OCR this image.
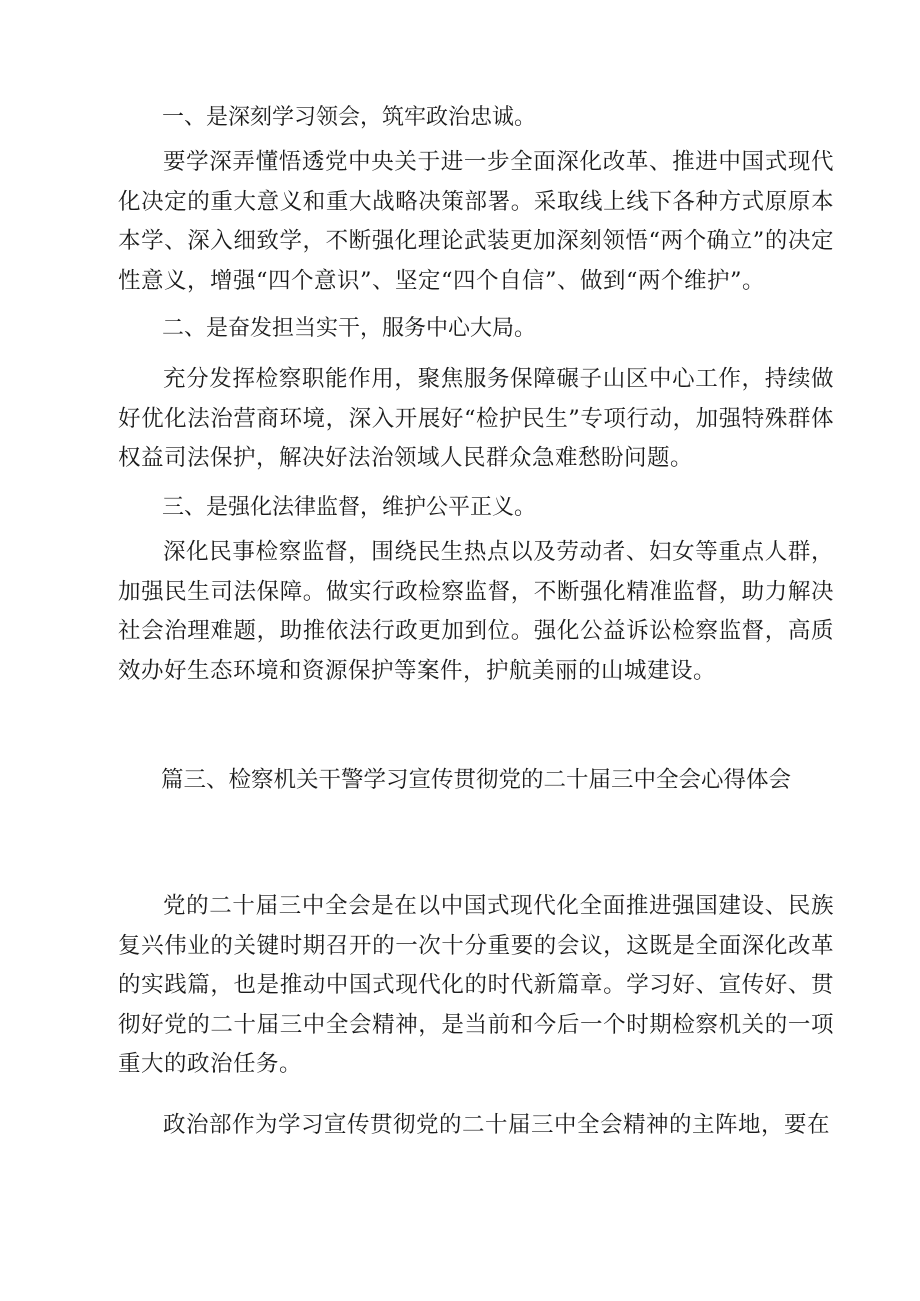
一、是深刻学习领会，筑牢政治忠诚。

要学深弄懂悟透党中央关于进一步全面深化改革、推进中国式现代化决定的重大意义和重大战略决策部署。采取线上线下各种方式原原本本学、深入细致学，不断强化理论武装更加深刻领悟“两个确立”的决定性意义，增强“四个意识”、坚定“四个自信”、做到“两个维护”。

二、是奋发担当实干，服务中心大局。

充分发挥检察职能作用，聚焦服务保障碾子山区中心工作，持续做好优化法治营商环境，深入开展好“检护民生”专项行动，加强特殊群体权益司法保护，解决好法治领域人民群众急难愁盼问题。

三、是强化法律监督，维护公平正义。

深化民事检察监督，围绕民生热点以及劳动者、妇女等重点人群，加强民生司法保障。做实行政检察监督，不断强化精准监督，助力解决社会治理难题，助推依法行政更加到位。强化公益诉讼检察监督，高质效办好生态环境和资源保护等案件，护航美丽的山城建设。

篇三、检察机关干警学习宣传贯彻党的二十届三中全会心得体会

党的二十届三中全会是在以中国式现代化全面推进强国建设、民族复兴伟业的关键时期召开的一次十分重要的会议，这既是全面深化改革的实践篇，也是推动中国式现代化的时代新篇章。学习好、宣传好、贯彻好党的二十届三中全会精神，是当前和今后一个时期检察机关的一项重大的政治任务。

政治部作为学习宣传贯彻党的二十届三中全会精神的主阵地，要在
